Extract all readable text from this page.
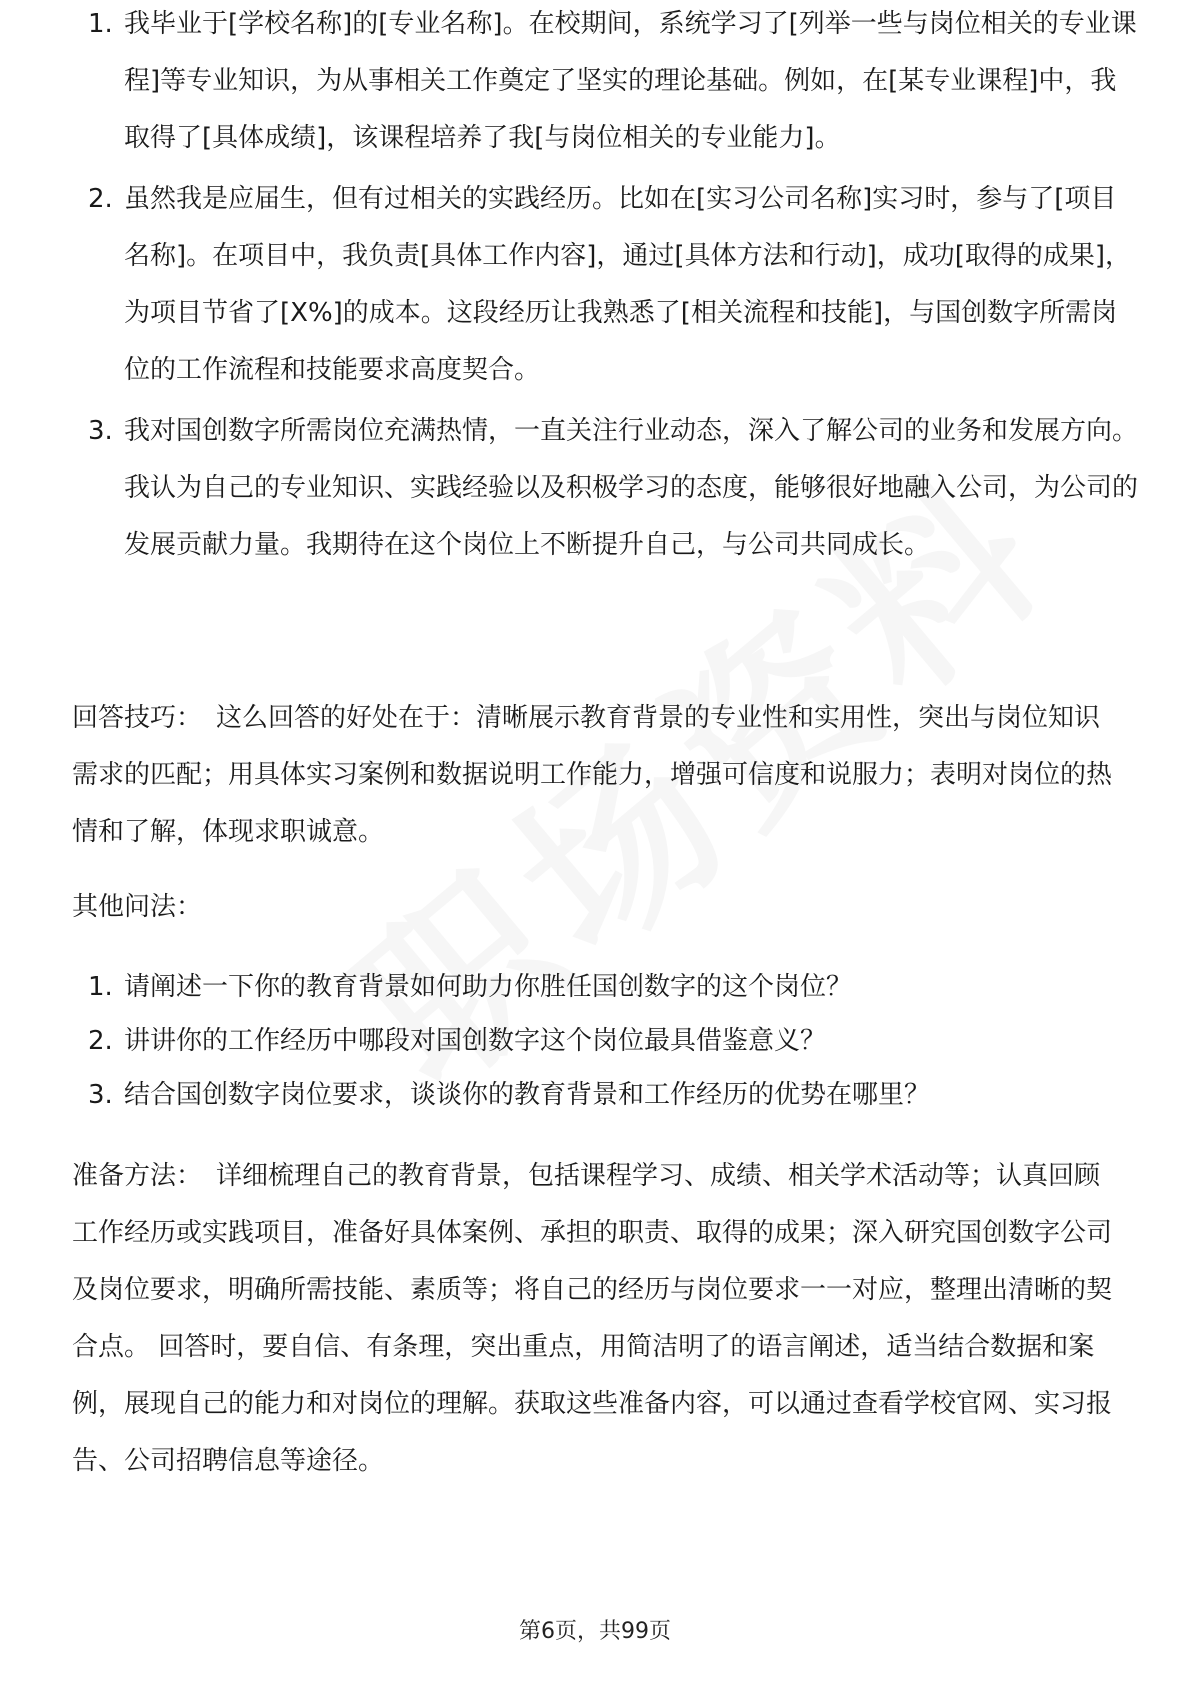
1. 我毕业于[学校名称]的[专业名称]。在校期间，系统学习了[列举一些与岗位相关的专业课程]等专业知识，为从事相关工作奠定了坚实的理论基础。例如，在[某专业课程]中，我取得了[具体成绩]，该课程培养了我[与岗位相关的专业能力]。
2. 虽然我是应届生，但有过相关的实践经历。比如在[实习公司名称]实习时，参与了[项目名称]。在项目中，我负责[具体工作内容]，通过[具体方法和行动]，成功[取得的成果]，为项目节省了[X%]的成本。这段经历让我熟悉了[相关流程和技能]，与国创数字所需岗位的工作流程和技能要求高度契合。
3. 我对国创数字所需岗位充满热情，一直关注行业动态，深入了解公司的业务和发展方向。我认为自己的专业知识、实践经验以及积极学习的态度，能够很好地融入公司，为公司的发展贡献力量。我期待在这个岗位上不断提升自己，与公司共同成长。
回答技巧： 这么回答的好处在于：清晰展示教育背景的专业性和实用性，突出与岗位知识需求的匹配；用具体实习案例和数据说明工作能力，增强可信度和说服力；表明对岗位的热情和了解，体现求职诚意。
其他问法：
1. 请阐述一下你的教育背景如何助力你胜任国创数字的这个岗位？
2. 讲讲你的工作经历中哪段对国创数字这个岗位最具借鉴意义？
3. 结合国创数字岗位要求，谈谈你的教育背景和工作经历的优势在哪里？
准备方法： 详细梳理自己的教育背景，包括课程学习、成绩、相关学术活动等；认真回顾工作经历或实践项目，准备好具体案例、承担的职责、取得的成果；深入研究国创数字公司及岗位要求，明确所需技能、素质等；将自己的经历与岗位要求一一对应，整理出清晰的契合点。 回答时，要自信、有条理，突出重点，用简洁明了的语言阐述，适当结合数据和案例，展现自己的能力和对岗位的理解。获取这些准备内容，可以通过查看学校官网、实习报告、公司招聘信息等途径。
第6页，共99页
